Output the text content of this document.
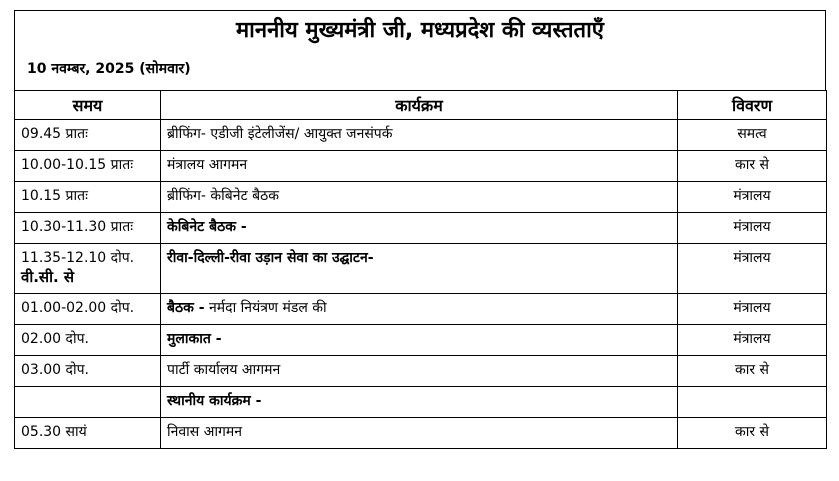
माननीय मुख्यमंत्री जी, मध्यप्रदेश की व्यस्तताएँ
10 नवम्बर, 2025 (सोमवार)
समय	कार्यक्रम	विवरण
09.45 प्रातः	ब्रीफिंग- एडीजी इंटेलीजेंस/ आयुक्त जनसंपर्क	समत्व
10.00-10.15 प्रातः	मंत्रालय आगमन	कार से
10.15 प्रातः	ब्रीफिंग- केबिनेट बैठक	मंत्रालय
10.30-11.30 प्रातः	केबिनेट बैठक -	मंत्रालय
11.35-12.10 दोप.
वी.सी. से	रीवा-दिल्ली-रीवा उड़ान सेवा का उद्घाटन-	मंत्रालय
01.00-02.00 दोप.	बैठक - नर्मदा नियंत्रण मंडल की	मंत्रालय
02.00 दोप.	मुलाकात -	मंत्रालय
03.00 दोप.	पार्टी कार्यालय आगमन	कार से
	स्थानीय कार्यक्रम -	
05.30 सायं	निवास आगमन	कार से
